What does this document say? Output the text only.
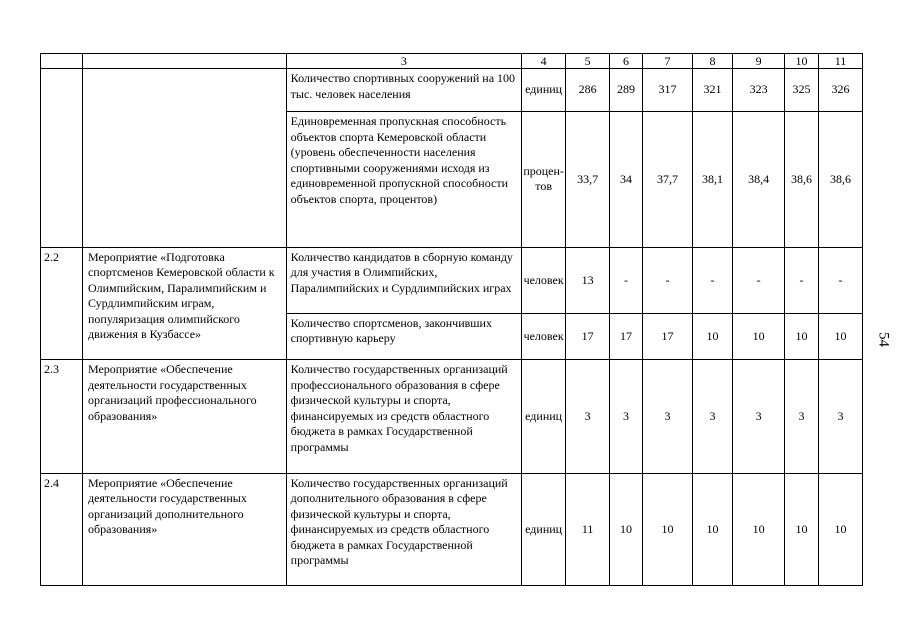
		3	4	5	6	7	8	9	10	11
		Количество спортивных сооружений на 100 тыс. человек населения	единиц	286	289	317	321	323	325	326
		Единовременная пропускная способность объектов спорта Кемеровской области (уровень обеспеченности населения спортивными сооружениями исходя из единовременной пропускной способности объектов спорта, процентов)	процен-тов	33,7	34	37,7	38,1	38,4	38,6	38,6
2.2	Мероприятие «Подготовка спортсменов Кемеровской области к Олимпийским, Паралимпийским и Сурдлимпийским играм, популяризация олимпийского движения в Кузбассе»	Количество кандидатов в сборную команду для участия в Олимпийских, Паралимпийских и Сурдлимпийских играх	человек	13	-	-	-	-	-	-
		Количество спортсменов, закончивших спортивную карьеру	человек	17	17	17	10	10	10	10
2.3	Мероприятие «Обеспечение деятельности государственных организаций профессионального образования»	Количество государственных организаций профессионального образования в сфере физической культуры и спорта, финансируемых из средств областного бюджета в рамках Государственной программы	единиц	3	3	3	3	3	3	3
2.4	Мероприятие «Обеспечение деятельности государственных организаций дополнительного образования»	Количество государственных организаций дополнительного образования в сфере физической культуры и спорта, финансируемых из средств областного бюджета в рамках Государственной программы	единиц	11	10	10	10	10	10	10
54
